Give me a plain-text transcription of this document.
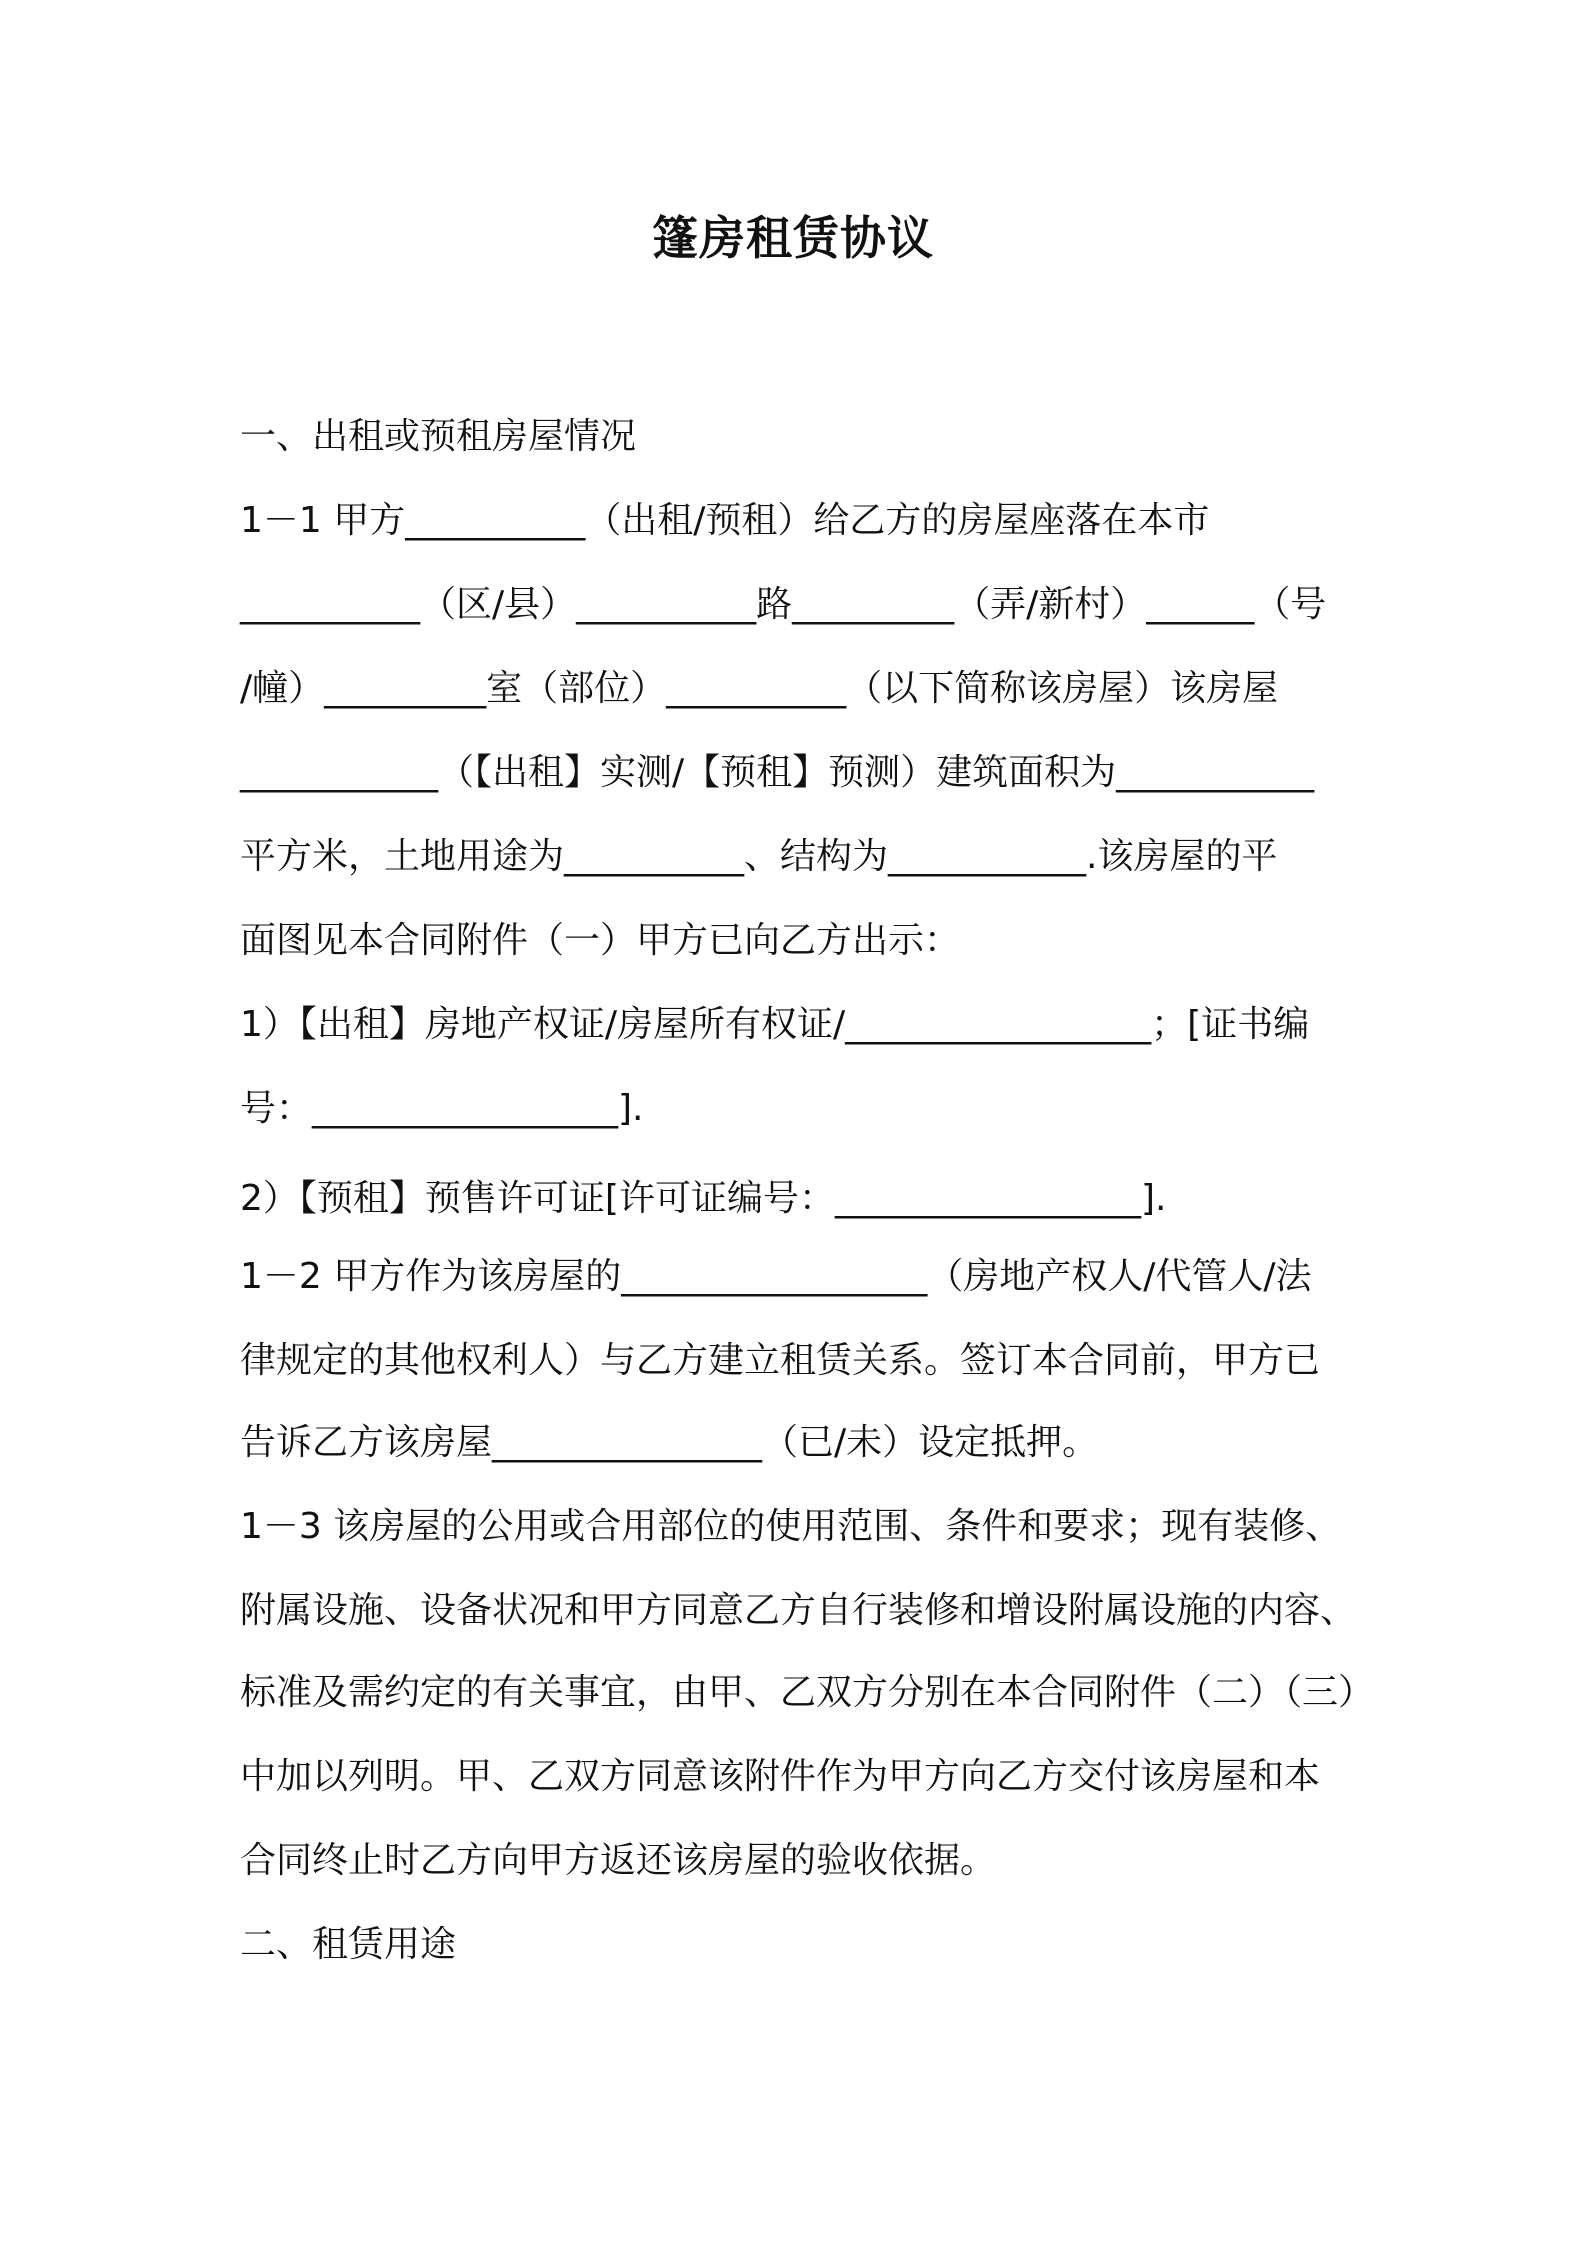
篷房租赁协议
一、出租或预租房屋情况
1－1 甲方__________（出租/预租）给乙方的房屋座落在本市
__________（区/县）__________路_________（弄/新村）______（号
/幢）_________室（部位）__________（以下简称该房屋）该房屋
___________（【出租】实测/【预租】预测）建筑面积为___________
平方米，土地用途为__________、结构为___________.该房屋的平
面图见本合同附件（一）甲方已向乙方出示：
1）【出租】房地产权证/房屋所有权证/_________________；[证书编
号：_________________].
2）【预租】预售许可证[许可证编号：_________________].
1－2 甲方作为该房屋的_________________（房地产权人/代管人/法
律规定的其他权利人）与乙方建立租赁关系。签订本合同前，甲方已
告诉乙方该房屋_______________（已/未）设定抵押。
1－3 该房屋的公用或合用部位的使用范围、条件和要求；现有装修、
附属设施、设备状况和甲方同意乙方自行装修和增设附属设施的内容、
标准及需约定的有关事宜，由甲、乙双方分别在本合同附件（二）（三）
中加以列明。甲、乙双方同意该附件作为甲方向乙方交付该房屋和本
合同终止时乙方向甲方返还该房屋的验收依据。
二、租赁用途
